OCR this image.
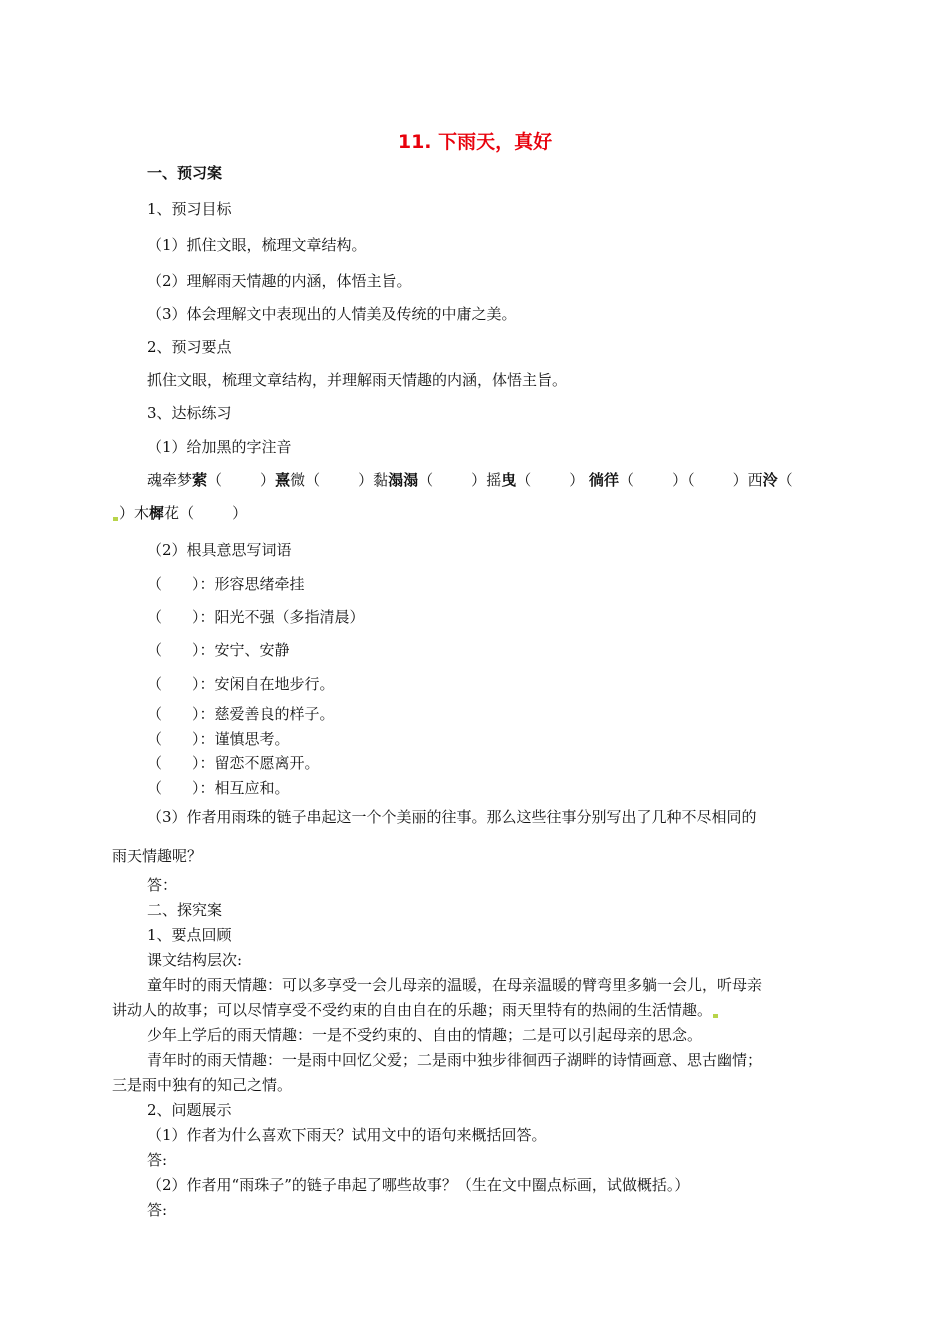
11. 下雨天，真好
一、预习案
1、预习目标
（1）抓住文眼，梳理文章结构。
（2）理解雨天情趣的内涵，体悟主旨。
（3）体会理解文中表现出的人情美及传统的中庸之美。
2、预习要点
抓住文眼，梳理文章结构，并理解雨天情趣的内涵，体悟主旨。
3、达标练习
（1）给加黑的字注音
魂牵梦萦（	）熹微（	）黏溻溻（	）摇曳（	） 徜徉（	）（	）西泠（
）木樨花（	）
（2）根具意思写词语
（　　）：形容思绪牵挂
（　　）：阳光不强（多指清晨）
（　　）：安宁、安静
（　　）：安闲自在地步行。
（　　）：慈爱善良的样子。
（　　）：谨慎思考。
（　　）：留恋不愿离开。
（　　）：相互应和。
（3）作者用雨珠的链子串起这一个个美丽的往事。那么这些往事分别写出了几种不尽相同的
雨天情趣呢？
答：
二、探究案
1、要点回顾
课文结构层次:
童年时的雨天情趣：可以多享受一会儿母亲的温暖，在母亲温暖的臂弯里多躺一会儿，听母亲
讲动人的故事；可以尽情享受不受约束的自由自在的乐趣；雨天里特有的热闹的生活情趣。
少年上学后的雨天情趣：一是不受约束的、自由的情趣；二是可以引起母亲的思念。
青年时的雨天情趣：一是雨中回忆父爱；二是雨中独步徘徊西子湖畔的诗情画意、思古幽情；
三是雨中独有的知己之情。
2、问题展示
（1）作者为什么喜欢下雨天？试用文中的语句来概括回答。
答:
（2）作者用“雨珠子”的链子串起了哪些故事？（生在文中圈点标画，试做概括。）
答:
